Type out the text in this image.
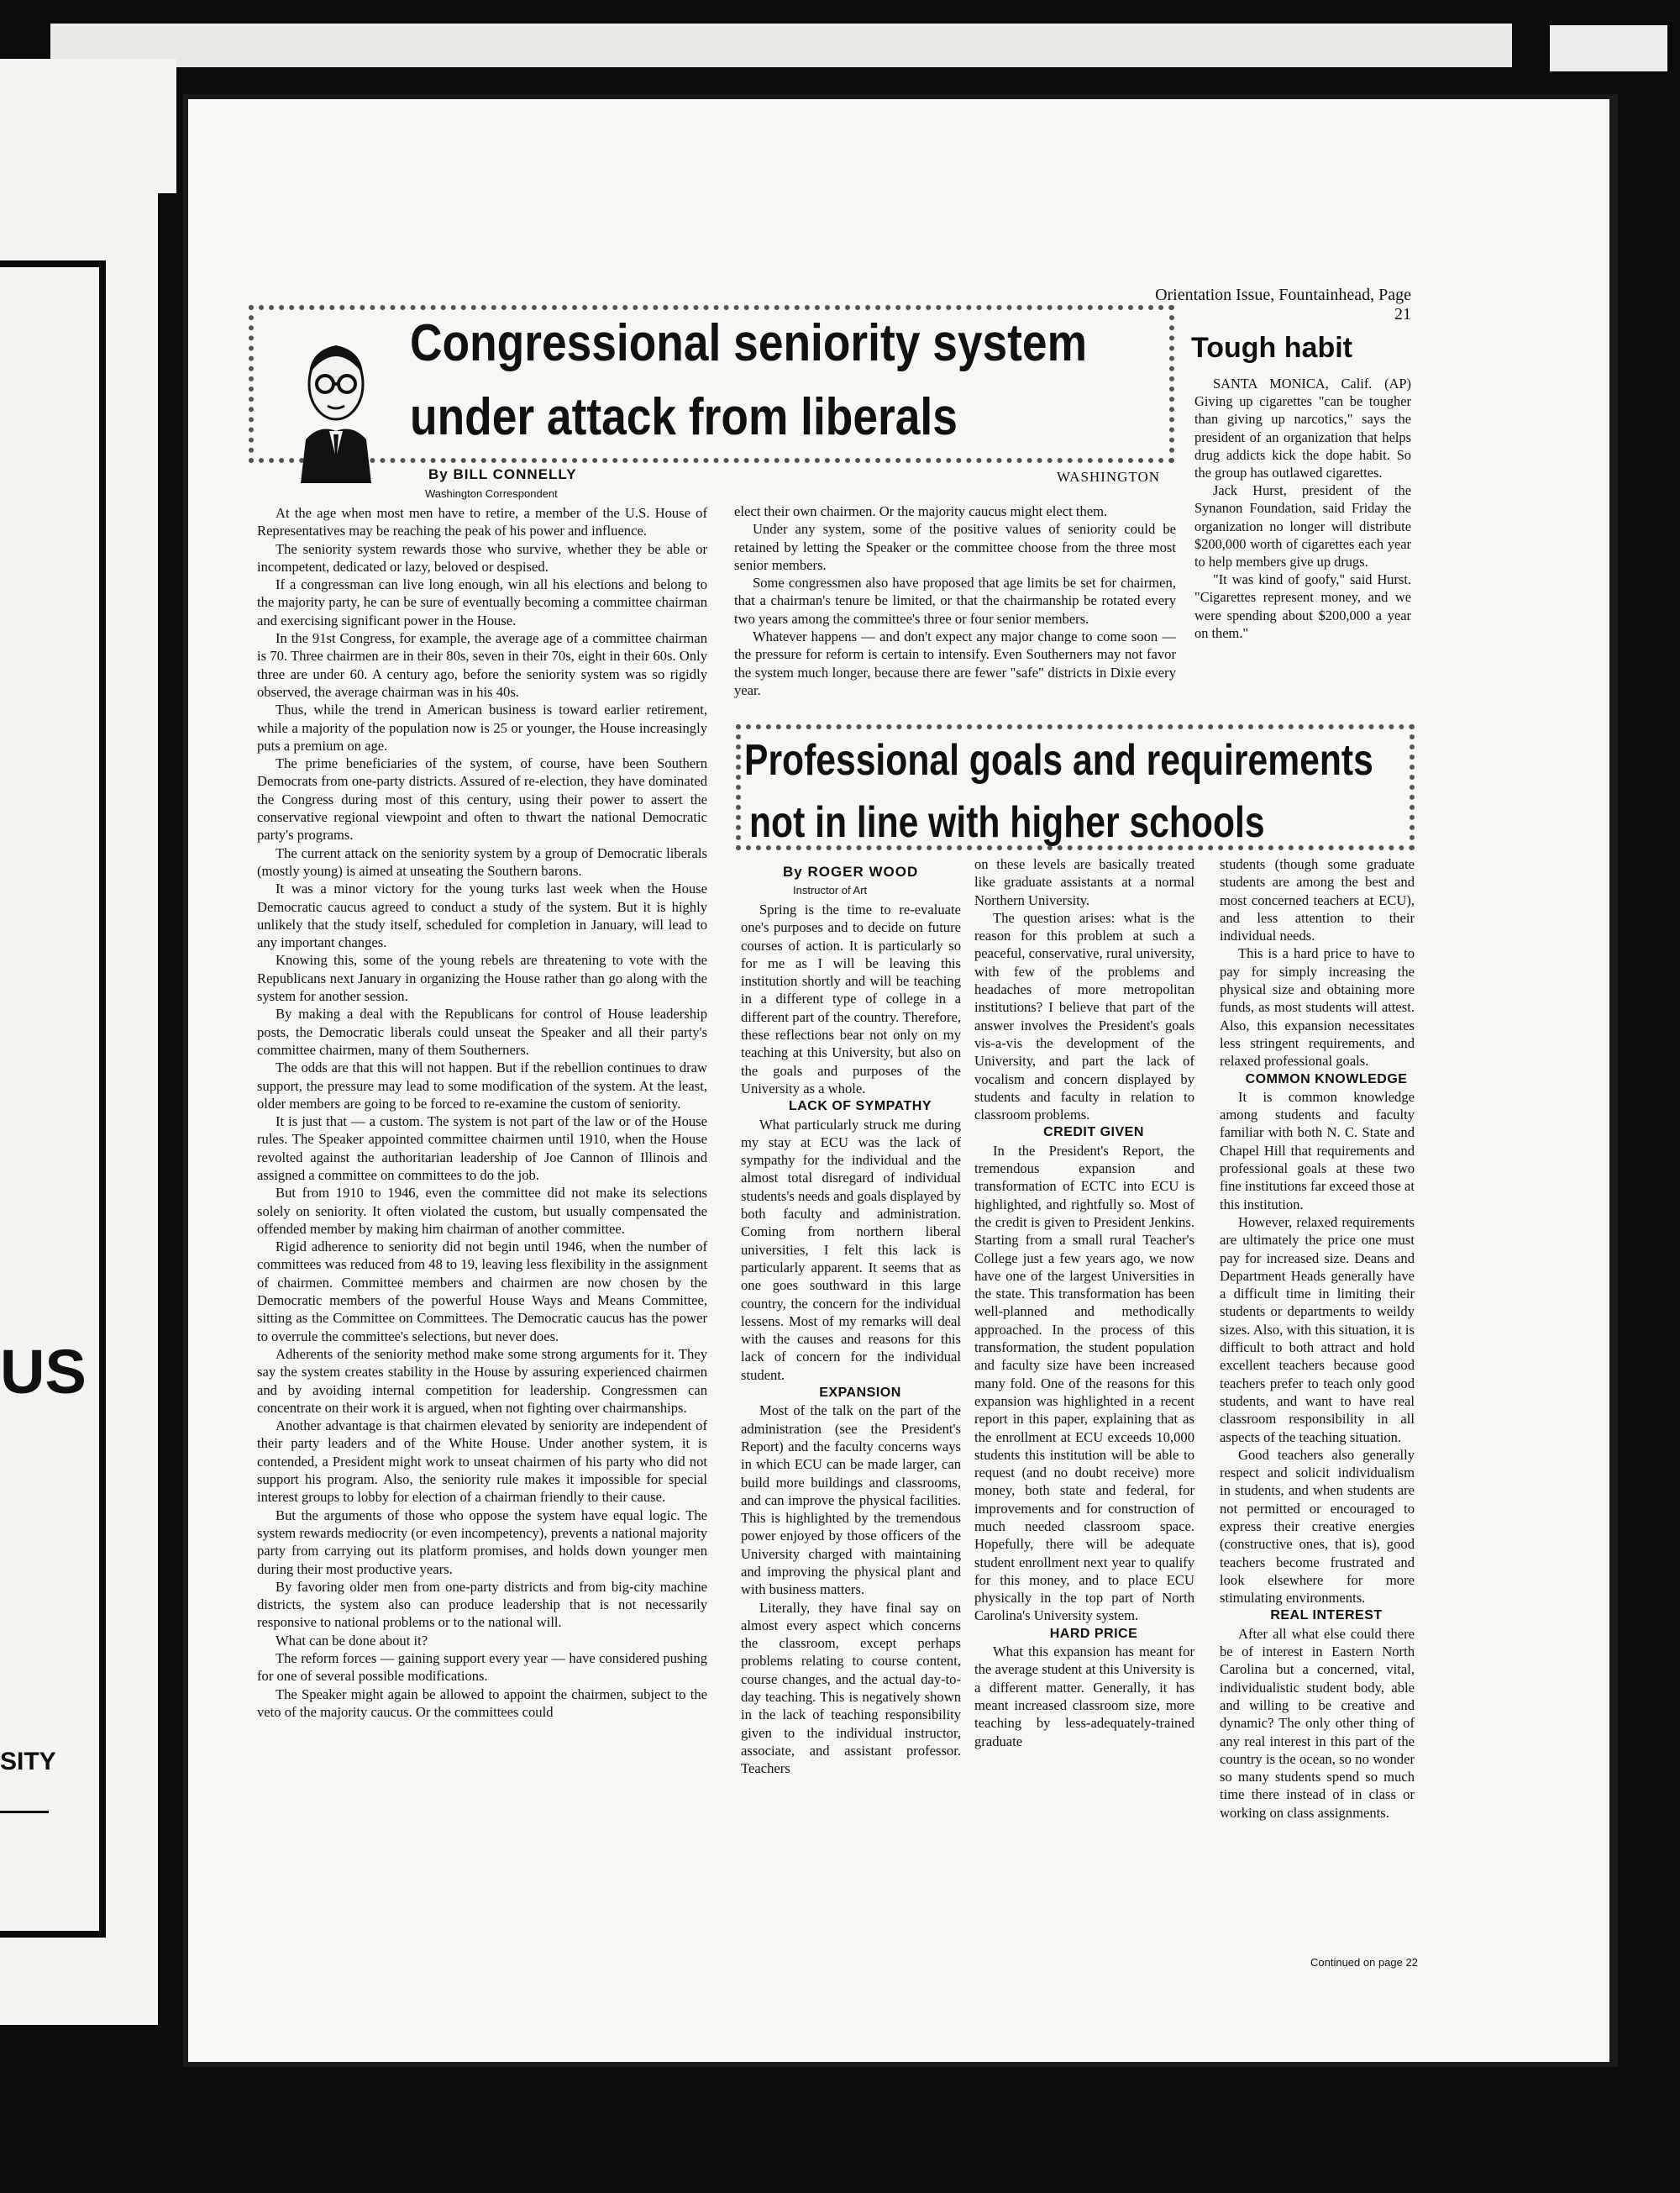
US
SITY
Orientation Issue, Fountainhead, Page 21
Congressional seniority system
under attack from liberals
By BILL CONNELLY
Washington Correspondent
WASHINGTON

At the age when most men have to retire, a member of the U.S. House of Representatives may be reaching the peak of his power and influence.

The seniority system rewards those who survive, whether they be able or incompetent, dedicated or lazy, beloved or despised.

If a congressman can live long enough, win all his elections and belong to the majority party, he can be sure of eventually becoming a committee chairman and exercising significant power in the House.

In the 91st Congress, for example, the average age of a committee chairman is 70. Three chairmen are in their 80s, seven in their 70s, eight in their 60s. Only three are under 60. A century ago, before the seniority system was so rigidly observed, the average chairman was in his 40s.

Thus, while the trend in American business is toward earlier retirement, while a majority of the population now is 25 or younger, the House increasingly puts a premium on age.

The prime beneficiaries of the system, of course, have been Southern Democrats from one-party districts. Assured of re-election, they have dominated the Congress during most of this century, using their power to assert the conservative regional viewpoint and often to thwart the national Democratic party's programs.

The current attack on the seniority system by a group of Democratic liberals (mostly young) is aimed at unseating the Southern barons.

It was a minor victory for the young turks last week when the House Democratic caucus agreed to conduct a study of the system. But it is highly unlikely that the study itself, scheduled for completion in January, will lead to any important changes.

Knowing this, some of the young rebels are threatening to vote with the Republicans next January in organizing the House rather than go along with the system for another session.

By making a deal with the Republicans for control of House leadership posts, the Democratic liberals could unseat the Speaker and all their party's committee chairmen, many of them Southerners.

The odds are that this will not happen. But if the rebellion continues to draw support, the pressure may lead to some modification of the system. At the least, older members are going to be forced to re-examine the custom of seniority.

It is just that — a custom. The system is not part of the law or of the House rules. The Speaker appointed committee chairmen until 1910, when the House revolted against the authoritarian leadership of Joe Cannon of Illinois and assigned a committee on committees to do the job.

But from 1910 to 1946, even the committee did not make its selections solely on seniority. It often violated the custom, but usually compensated the offended member by making him chairman of another committee.

Rigid adherence to seniority did not begin until 1946, when the number of committees was reduced from 48 to 19, leaving less flexibility in the assignment of chairmen. Committee members and chairmen are now chosen by the Democratic members of the powerful House Ways and Means Committee, sitting as the Committee on Committees. The Democratic caucus has the power to overrule the committee's selections, but never does.

Adherents of the seniority method make some strong arguments for it. They say the system creates stability in the House by assuring experienced chairmen and by avoiding internal competition for leadership. Congressmen can concentrate on their work it is argued, when not fighting over chairmanships.

Another advantage is that chairmen elevated by seniority are independent of their party leaders and of the White House. Under another system, it is contended, a President might work to unseat chairmen of his party who did not support his program. Also, the seniority rule makes it impossible for special interest groups to lobby for election of a chairman friendly to their cause.

But the arguments of those who oppose the system have equal logic. The system rewards mediocrity (or even incompetency), prevents a national majority party from carrying out its platform promises, and holds down younger men during their most productive years.

By favoring older men from one-party districts and from big-city machine districts, the system also can produce leadership that is not necessarily responsive to national problems or to the national will.

What can be done about it?

The reform forces — gaining support every year — have considered pushing for one of several possible modifications.

The Speaker might again be allowed to appoint the chairmen, subject to the veto of the majority caucus. Or the committees could

elect their own chairmen. Or the majority caucus might elect them.

Under any system, some of the positive values of seniority could be retained by letting the Speaker or the committee choose from the three most senior members.

Some congressmen also have proposed that age limits be set for chairmen, that a chairman's tenure be limited, or that the chairmanship be rotated every two years among the committee's three or four senior members.

Whatever happens — and don't expect any major change to come soon — the pressure for reform is certain to intensify. Even Southerners may not favor the system much longer, because there are fewer "safe" districts in Dixie every year.

Tough habit

SANTA MONICA, Calif. (AP) Giving up cigarettes "can be tougher than giving up narcotics," says the president of an organization that helps drug addicts kick the dope habit. So the group has outlawed cigarettes.

Jack Hurst, president of the Synanon Foundation, said Friday the organization no longer will distribute $200,000 worth of cigarettes each year to help members give up drugs.

"It was kind of goofy," said Hurst. "Cigarettes represent money, and we were spending about $200,000 a year on them."

Professional goals and requirements
not in line with higher schools
By ROGER WOOD
Instructor of Art

Spring is the time to re-evaluate one's purposes and to decide on future courses of action. It is particularly so for me as I will be leaving this institution shortly and will be teaching in a different type of college in a different part of the country. Therefore, these reflections bear not only on my teaching at this University, but also on the goals and purposes of the University as a whole.

LACK OF SYMPATHY

What particularly struck me during my stay at ECU was the lack of sympathy for the individual and the almost total disregard of individual students's needs and goals displayed by both faculty and administration. Coming from northern liberal universities, I felt this lack is particularly apparent. It seems that as one goes southward in this large country, the concern for the individual lessens. Most of my remarks will deal with the causes and reasons for this lack of concern for the individual student.

EXPANSION

Most of the talk on the part of the administration (see the President's Report) and the faculty concerns ways in which ECU can be made larger, can build more buildings and classrooms, and can improve the physical facilities. This is highlighted by the tremendous power enjoyed by those officers of the University charged with maintaining and improving the physical plant and with business matters.

Literally, they have final say on almost every aspect which concerns the classroom, except perhaps problems relating to course content, course changes, and the actual day-to-day teaching. This is negatively shown in the lack of teaching responsibility given to the individual instructor, associate, and assistant professor. Teachers

on these levels are basically treated like graduate assistants at a normal Northern University.

The question arises: what is the reason for this problem at such a peaceful, conservative, rural university, with few of the problems and headaches of more metropolitan institutions? I believe that part of the answer involves the President's goals vis-a-vis the development of the University, and part the lack of vocalism and concern displayed by students and faculty in relation to classroom problems.

CREDIT GIVEN

In the President's Report, the tremendous expansion and transformation of ECTC into ECU is highlighted, and rightfully so. Most of the credit is given to President Jenkins. Starting from a small rural Teacher's College just a few years ago, we now have one of the largest Universities in the state. This transformation has been well-planned and methodically approached. In the process of this transformation, the student population and faculty size have been increased many fold. One of the reasons for this expansion was highlighted in a recent report in this paper, explaining that as the enrollment at ECU exceeds 10,000 students this institution will be able to request (and no doubt receive) more money, both state and federal, for improvements and for construction of much needed classroom space. Hopefully, there will be adequate student enrollment next year to qualify for this money, and to place ECU physically in the top part of North Carolina's University system.

HARD PRICE

What this expansion has meant for the average student at this University is a different matter. Generally, it has meant increased classroom size, more teaching by less-adequately-trained graduate

students (though some graduate students are among the best and most concerned teachers at ECU), and less attention to their individual needs.

This is a hard price to have to pay for simply increasing the physical size and obtaining more funds, as most students will attest. Also, this expansion necessitates less stringent requirements, and relaxed professional goals.

COMMON KNOWLEDGE

It is common knowledge among students and faculty familiar with both N. C. State and Chapel Hill that requirements and professional goals at these two fine institutions far exceed those at this institution.

However, relaxed requirements are ultimately the price one must pay for increased size. Deans and Department Heads generally have a difficult time in limiting their students or departments to weildy sizes. Also, with this situation, it is difficult to both attract and hold excellent teachers because good teachers prefer to teach only good students, and want to have real classroom responsibility in all aspects of the teaching situation.

Good teachers also generally respect and solicit individualism in students, and when students are not permitted or encouraged to express their creative energies (constructive ones, that is), good teachers become frustrated and look elsewhere for more stimulating environments.

REAL INTEREST

After all what else could there be of interest in Eastern North Carolina but a concerned, vital, individualistic student body, able and willing to be creative and dynamic? The only other thing of any real interest in this part of the country is the ocean, so no wonder so many students spend so much time there instead of in class or working on class assignments.

Continued on page 22
